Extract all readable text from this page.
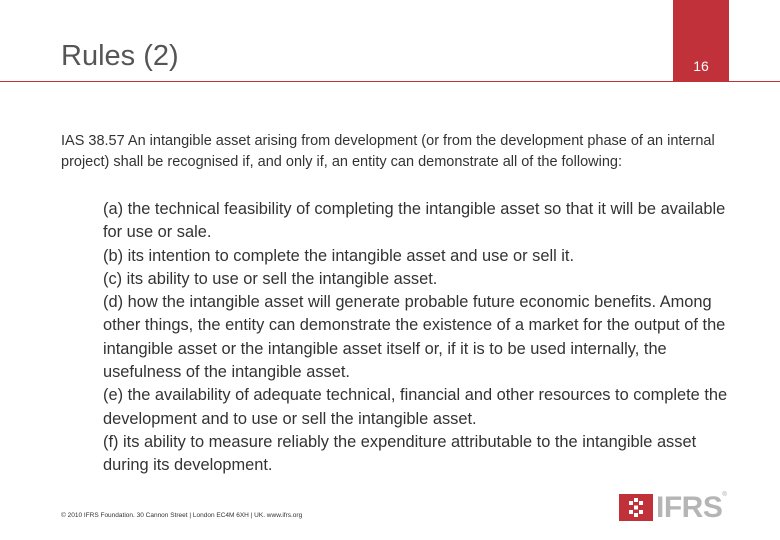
Rules (2)	16
IAS 38.57 An intangible asset arising from development (or from the development phase of an internal project) shall be recognised if, and only if, an entity can demonstrate all of the following:
(a) the technical feasibility of completing the intangible asset so that it will be available for use or sale.
(b) its intention to complete the intangible asset and use or sell it.
(c) its ability to use or sell the intangible asset.
(d) how the intangible asset will generate probable future economic benefits. Among other things, the entity can demonstrate the existence of a market for the output of the intangible asset or the intangible asset itself or, if it is to be used internally, the usefulness of the intangible asset.
(e) the availability of adequate technical, financial and other resources to complete the development and to use or sell the intangible asset.
(f) its ability to measure reliably the expenditure attributable to the intangible asset during its development.
© 2010 IFRS Foundation. 30 Cannon Street | London EC4M 6XH | UK. www.ifrs.org	IFRS ®
